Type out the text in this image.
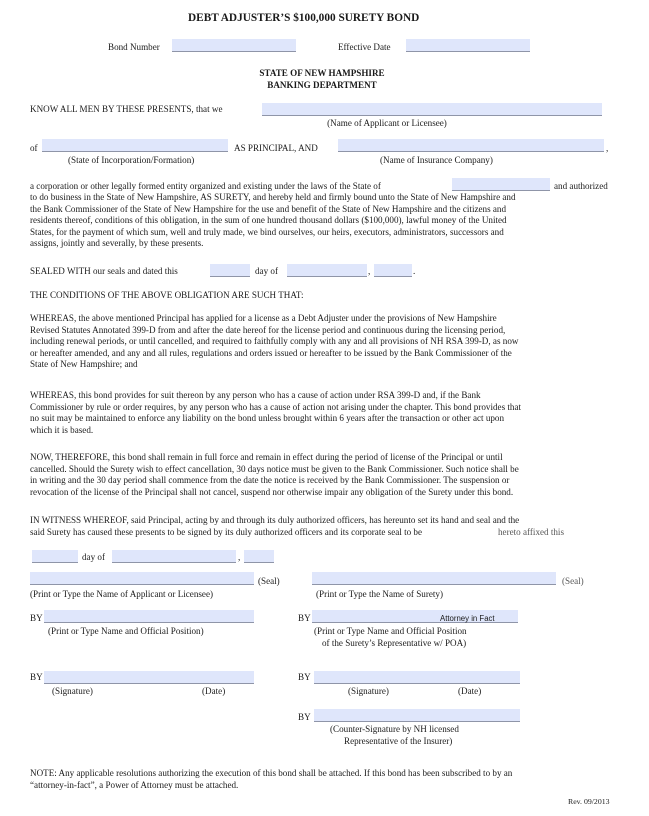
DEBT ADJUSTER’S $100,000 SURETY BOND
Bond Number	Effective Date
STATE OF NEW HAMPSHIRE
BANKING DEPARTMENT
KNOW ALL MEN BY THESE PRESENTS, that we
(Name of Applicant or Licensee)
of	AS PRINCIPAL, AND	,
(State of Incorporation/Formation)	(Name of Insurance Company)
a corporation or other legally formed entity organized and existing under the laws of the State of	and authorized
to do business in the State of New Hampshire, AS SURETY, and hereby held and firmly bound unto the State of New Hampshire and
the Bank Commissioner of the State of New Hampshire for the use and benefit of the State of New Hampshire and the citizens and
residents thereof, conditions of this obligation, in the sum of one hundred thousand dollars ($100,000), lawful money of the United
States, for the payment of which sum, well and truly made, we bind ourselves, our heirs, executors, administrators, successors and
assigns, jointly and severally, by these presents.
SEALED WITH our seals and dated this	day of	,	.
THE CONDITIONS OF THE ABOVE OBLIGATION ARE SUCH THAT:
WHEREAS, the above mentioned Principal has applied for a license as a Debt Adjuster under the provisions of New Hampshire
Revised Statutes Annotated 399-D from and after the date hereof for the license period and continuous during the licensing period,
including renewal periods, or until cancelled, and required to faithfully comply with any and all provisions of NH RSA 399-D, as now
or hereafter amended, and any and all rules, regulations and orders issued or hereafter to be issued by the Bank Commissioner of the
State of New Hampshire; and
WHEREAS, this bond provides for suit thereon by any person who has a cause of action under RSA 399-D and, if the Bank
Commissioner by rule or order requires, by any person who has a cause of action not arising under the chapter. This bond provides that
no suit may be maintained to enforce any liability on the bond unless brought within 6 years after the transaction or other act upon
which it is based.
NOW, THEREFORE, this bond shall remain in full force and remain in effect during the period of license of the Principal or until
cancelled. Should the Surety wish to effect cancellation, 30 days notice must be given to the Bank Commissioner. Such notice shall be
in writing and the 30 day period shall commence from the date the notice is received by the Bank Commissioner. The suspension or
revocation of the license of the Principal shall not cancel, suspend nor otherwise impair any obligation of the Surety under this bond.
IN WITNESS WHEREOF, said Principal, acting by and through its duly authorized officers, has hereunto set its hand and seal and the
said Surety has caused these presents to be signed by its duly authorized officers and its corporate seal to be	hereto affixed this
day of	,
(Seal)	(Seal)
(Print or Type the Name of Applicant or Licensee)	(Print or Type the Name of Surety)
BY
(Print or Type Name and Official Position)
BY	Attorney in Fact
(Print or Type Name and Official Position
of the Surety’s Representative w/ POA)
BY
(Signature)	(Date)
BY
(Signature)	(Date)
BY
(Counter-Signature by NH licensed
Representative of the Insurer)
NOTE: Any applicable resolutions authorizing the execution of this bond shall be attached. If this bond has been subscribed to by an
“attorney-in-fact”, a Power of Attorney must be attached.
Rev. 09/2013
